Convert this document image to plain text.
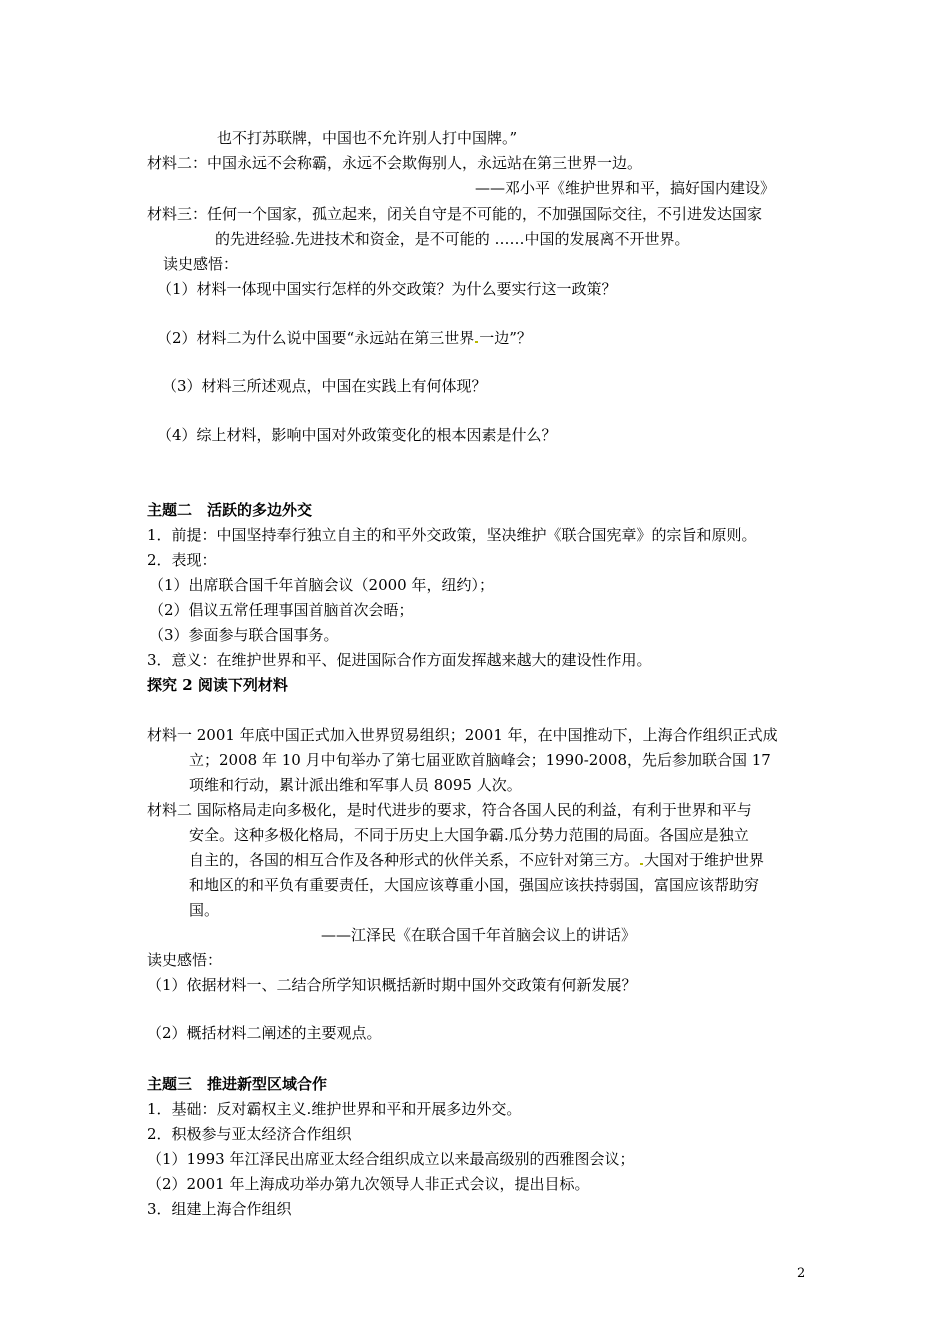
也不打苏联牌，中国也不允许别人打中国牌。”
材料二：中国永远不会称霸，永远不会欺侮别人，永远站在第三世界一边。
——邓小平《维护世界和平，搞好国内建设》
材料三：任何一个国家，孤立起来，闭关自守是不可能的，不加强国际交往，不引进发达国家
的先进经验.先进技术和资金，是不可能的 ……中国的发展离不开世界。
读史感悟：
（1）材料一体现中国实行怎样的外交政策？为什么要实行这一政策？
（2）材料二为什么说中国要“永远站在第三世界 一边”？
（3）材料三所述观点，中国在实践上有何体现？
（4）综上材料，影响中国对外政策变化的根本因素是什么？
主题二　活跃的多边外交
1．前提：中国坚持奉行独立自主的和平外交政策，坚决维护《联合国宪章》的宗旨和原则。
2．表现：
（1）出席联合国千年首脑会议（2000 年，纽约）；
（2）倡议五常任理事国首脑首次会晤；
（3）参面参与联合国事务。
3．意义：在维护世界和平、促进国际合作方面发挥越来越大的建设性作用。
探究 2 阅读下列材料
材料一 2001 年底中国正式加入世界贸易组织；2001 年，在中国推动下，上海合作组织正式成
立；2008 年 10 月中旬举办了第七届亚欧首脑峰会；1990-2008，先后参加联合国 17
项维和行动，累计派出维和军事人员 8095 人次。
材料二 国际格局走向多极化，是时代进步的要求，符合各国人民的利益，有利于世界和平与
安全。这种多极化格局，不同于历史上大国争霸.瓜分势力范围的局面。各国应是独立
自主的，各国的相互合作及各种形式的伙伴关系，不应针对第三方。 大国对于维护世界
和地区的和平负有重要责任，大国应该尊重小国，强国应该扶持弱国，富国应该帮助穷
国。
——江泽民《在联合国千年首脑会议上的讲话》
读史感悟：
（1）依据材料一、二结合所学知识概括新时期中国外交政策有何新发展？
（2）概括材料二阐述的主要观点。
主题三　推进新型区域合作
1．基础：反对霸权主义.维护世界和平和开展多边外交。
2．积极参与亚太经济合作组织
（1）1993 年江泽民出席亚太经合组织成立以来最高级别的西雅图会议；
（2）2001 年上海成功举办第九次领导人非正式会议，提出目标。
3．组建上海合作组织
2
